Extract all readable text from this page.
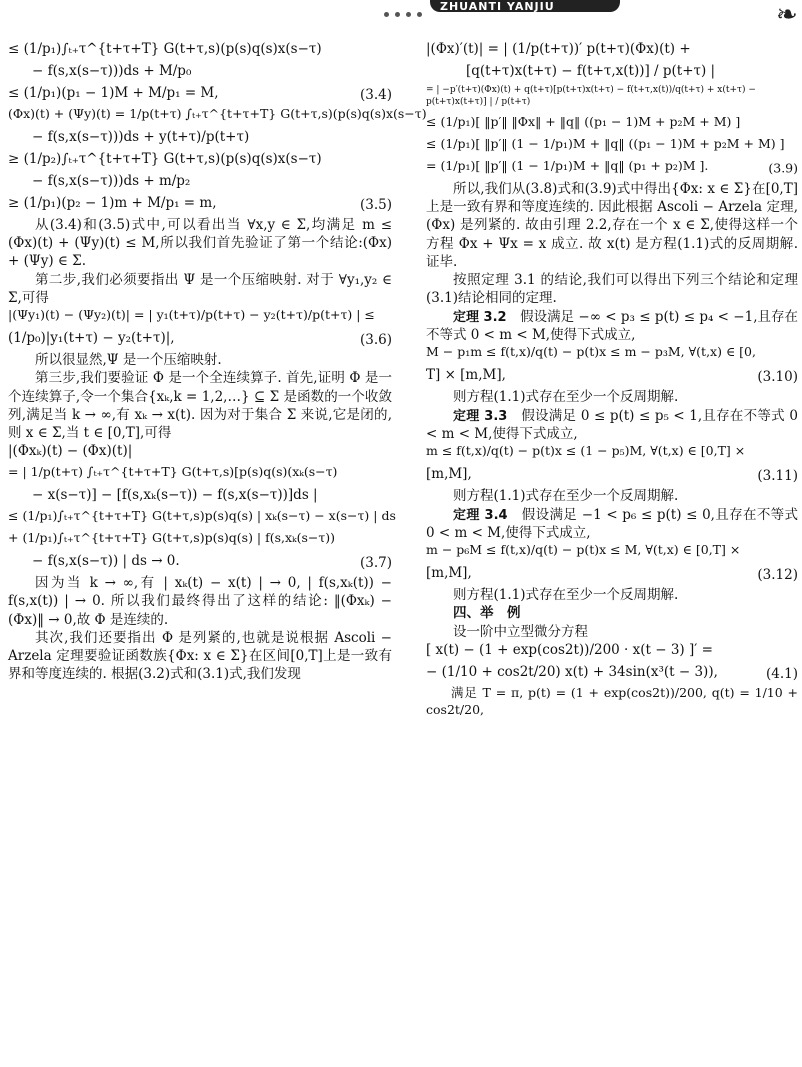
ZHUANTI YANJIU	❧
≤ (1/p₁)∫ₜ₊τ^{t+τ+T} G(t+τ,s)(p(s)q(s)x(s−τ)
− f(s,x(s−τ)))ds + M/p₀
≤ (1/p₁)(p₁ − 1)M + M/p₁ = M,	(3.4)
(Φx)(t) + (Ψy)(t) = 1/p(t+τ) ∫ₜ₊τ^{t+τ+T} G(t+τ,s)(p(s)q(s)x(s−τ)
− f(s,x(s−τ)))ds + y(t+τ)/p(t+τ)
≥ (1/p₂)∫ₜ₊τ^{t+τ+T} G(t+τ,s)(p(s)q(s)x(s−τ)
− f(s,x(s−τ)))ds + m/p₂
≥ (1/p₁)(p₂ − 1)m + M/p₁ = m,	(3.5)
从(3.4)和(3.5)式中,可以看出当 ∀x,y ∈ Σ,均满足 m ≤ (Φx)(t) + (Ψy)(t) ≤ M,所以我们首先验证了第一个结论:(Φx) + (Ψy) ∈ Σ.
第二步,我们必须要指出 Ψ 是一个压缩映射. 对于 ∀y₁,y₂ ∈ Σ,可得
|(Ψy₁)(t) − (Ψy₂)(t)| = | y₁(t+τ)/p(t+τ) − y₂(t+τ)/p(t+τ) | ≤
(1/p₀)|y₁(t+τ) − y₂(t+τ)|,	(3.6)
所以很显然,Ψ 是一个压缩映射.
第三步,我们要验证 Φ 是一个全连续算子. 首先,证明 Φ 是一个连续算子,令一个集合{xₖ,k = 1,2,…} ⊆ Σ 是函数的一个收敛列,满足当 k → ∞,有 xₖ → x(t). 因为对于集合 Σ 来说,它是闭的,则 x ∈ Σ,当 t ∈ [0,T],可得
|(Φxₖ)(t) − (Φx)(t)|
= | 1/p(t+τ) ∫ₜ₊τ^{t+τ+T} G(t+τ,s)[p(s)q(s)(xₖ(s−τ)
− x(s−τ)] − [f(s,xₖ(s−τ)) − f(s,x(s−τ))]ds |
≤ (1/p₁)∫ₜ₊τ^{t+τ+T} G(t+τ,s)p(s)q(s) | xₖ(s−τ) − x(s−τ) | ds
+ (1/p₁)∫ₜ₊τ^{t+τ+T} G(t+τ,s)p(s)q(s) | f(s,xₖ(s−τ))
− f(s,x(s−τ)) | ds → 0.	(3.7)
因为当 k → ∞,有 | xₖ(t) − x(t) | → 0, | f(s,xₖ(t)) − f(s,x(t)) | → 0. 所以我们最终得出了这样的结论: ‖(Φxₖ) − (Φx)‖ → 0,故 Φ 是连续的.
其次,我们还要指出 Φ 是列紧的,也就是说根据 Ascoli − Arzela 定理要验证函数族{Φx: x ∈ Σ}在区间[0,T]上是一致有界和等度连续的. 根据(3.2)式和(3.1)式,我们发现
|(Φx)′(t)| = | (1/p(t+τ))′ p(t+τ)(Φx)(t) +
[q(t+τ)x(t+τ) − f(t+τ,x(t))] / p(t+τ) |
= | −p′(t+τ)(Φx)(t) + q(t+τ)[p(t+τ)x(t+τ) − f(t+τ,x(t))/q(t+τ) + x(t+τ) − p(t+τ)x(t+τ)] | / p(t+τ)
≤ (1/p₁)[ ‖p′‖ ‖Φx‖ + ‖q‖ ((p₁ − 1)M + p₂M + M) ]
≤ (1/p₁)[ ‖p′‖ (1 − 1/p₁)M + ‖q‖ ((p₁ − 1)M + p₂M + M) ]
= (1/p₁)[ ‖p′‖ (1 − 1/p₁)M + ‖q‖ (p₁ + p₂)M ].	(3.9)
所以,我们从(3.8)式和(3.9)式中得出{Φx: x ∈ Σ}在[0,T]上是一致有界和等度连续的. 因此根据 Ascoli − Arzela 定理,(Φx) 是列紧的. 故由引理 2.2,存在一个 x ∈ Σ,使得这样一个方程 Φx + Ψx = x 成立. 故 x(t) 是方程(1.1)式的反周期解. 证毕.
按照定理 3.1 的结论,我们可以得出下列三个结论和定理(3.1)结论相同的定理.
定理 3.2　 假设满足 −∞ < p₃ ≤ p(t) ≤ p₄ < −1,且存在不等式 0 < m < M,使得下式成立,
M − p₁m ≤ f(t,x)/q(t) − p(t)x ≤ m − p₃M, ∀(t,x) ∈ [0,
T] × [m,M],	(3.10)
则方程(1.1)式存在至少一个反周期解.
定理 3.3　 假设满足 0 ≤ p(t) ≤ p₅ < 1,且存在不等式 0 < m < M,使得下式成立,
m ≤ f(t,x)/q(t) − p(t)x ≤ (1 − p₅)M, ∀(t,x) ∈ [0,T] ×
[m,M],	(3.11)
则方程(1.1)式存在至少一个反周期解.
定理 3.4　 假设满足 −1 < p₆ ≤ p(t) ≤ 0,且存在不等式 0 < m < M,使得下式成立,
m − p₆M ≤ f(t,x)/q(t) − p(t)x ≤ M, ∀(t,x) ∈ [0,T] ×
[m,M],	(3.12)
则方程(1.1)式存在至少一个反周期解.
四、举　例
设一阶中立型微分方程
[ x(t) − (1 + exp(cos2t))/200 · x(t − 3) ]′ =
− (1/10 + cos2t/20) x(t) + 34sin(x³(t − 3)),	(4.1)
满足 T = π, p(t) = (1 + exp(cos2t))/200, q(t) = 1/10 + cos2t/20,
